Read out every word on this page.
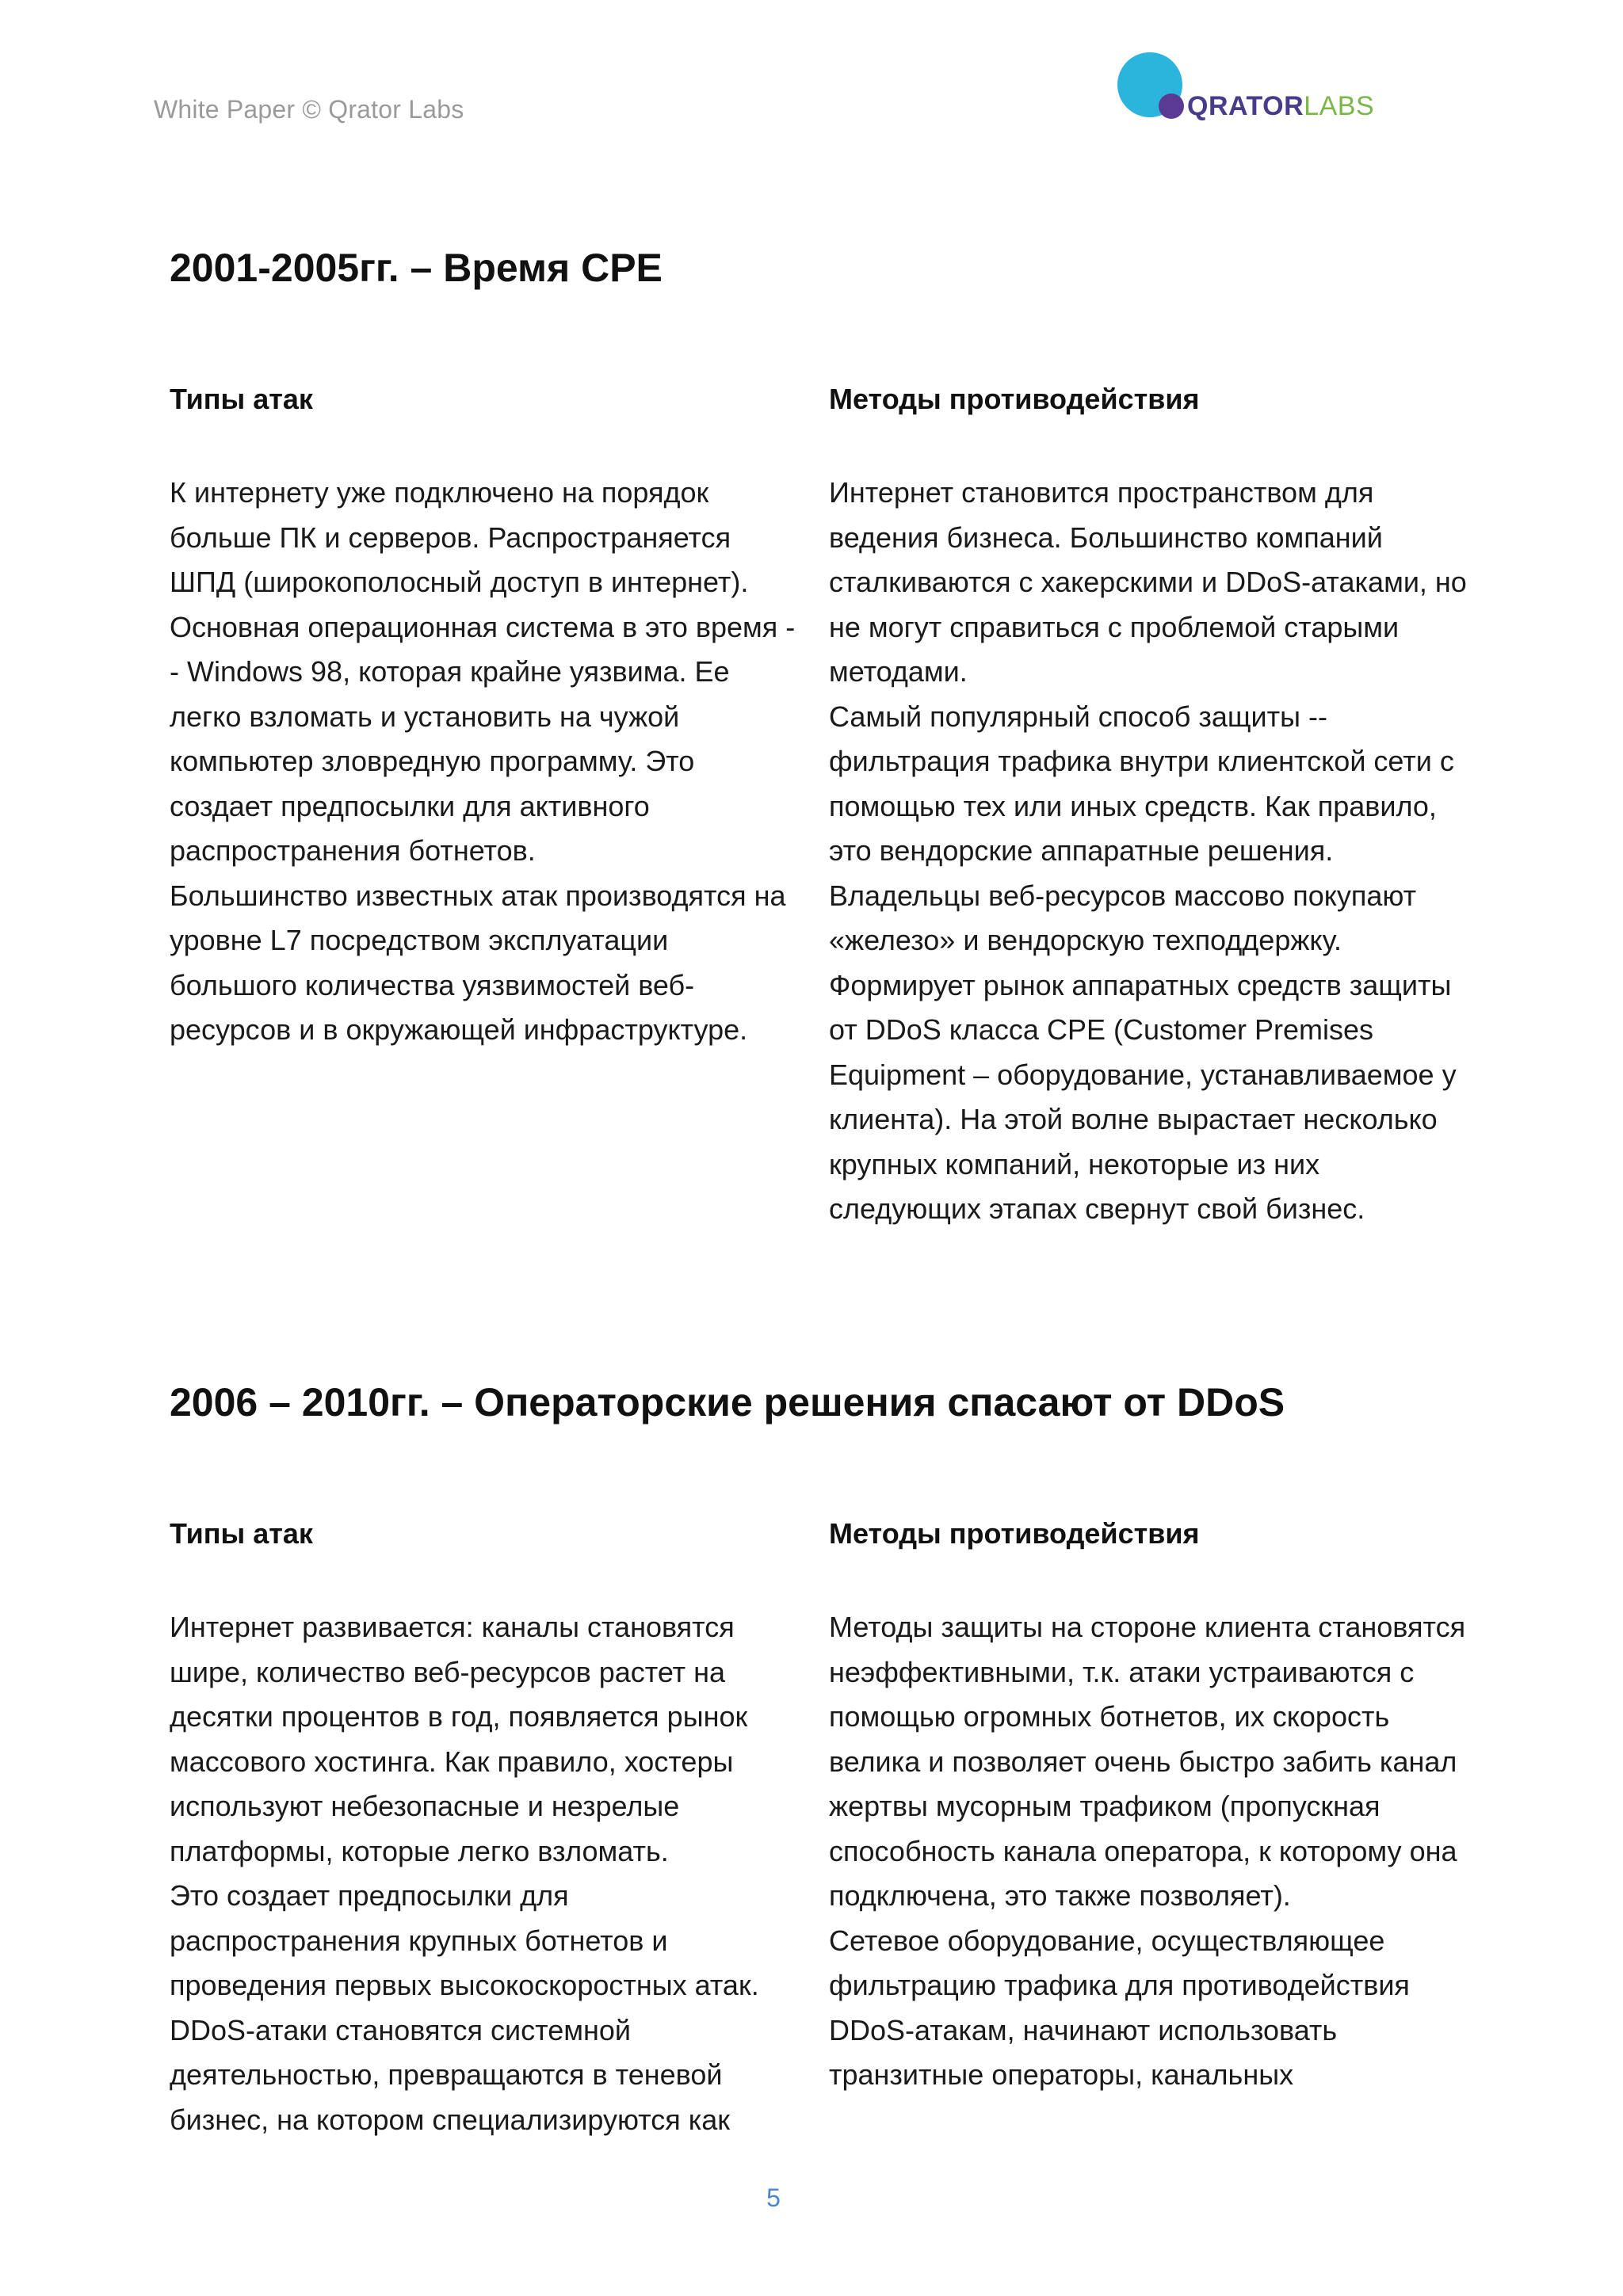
White Paper © Qrator Labs	QRATORLABS
2001-2005гг. – Время CPE
Типы атак

К интернету уже подключено на порядок больше ПК и серверов. Распространяется ШПД (широкополосный доступ в интернет). Основная операционная система в это время -- Windows 98, которая крайне уязвима. Ее легко взломать и установить на чужой компьютер зловредную программу. Это создает предпосылки для активного распространения ботнетов.

Большинство известных атак производятся на уровне L7 посредством эксплуатации большого количества уязвимостей веб-ресурсов и в окружающей инфраструктуре.

Методы противодействия

Интернет становится пространством для ведения бизнеса. Большинство компаний сталкиваются с хакерскими и DDoS-атаками, но не могут справиться с проблемой старыми методами.

Самый популярный способ защиты -- фильтрация трафика внутри клиентской сети с помощью тех или иных средств. Как правило, это вендорские аппаратные решения.

Владельцы веб-ресурсов массово покупают «железо» и вендорскую техподдержку. Формирует рынок аппаратных средств защиты от DDoS класса CPE (Customer Premises Equipment – оборудование, устанавливаемое у клиента). На этой волне вырастает несколько крупных компаний, некоторые из них следующих этапах свернут свой бизнес.

2006 – 2010гг. – Операторские решения спасают от DDoS
Типы атак

Интернет развивается: каналы становятся шире, количество веб-ресурсов растет на десятки процентов в год, появляется рынок массового хостинга. Как правило, хостеры используют небезопасные и незрелые платформы, которые легко взломать.

Это создает предпосылки для распространения крупных ботнетов и проведения первых высокоскоростных атак. DDoS-атаки становятся системной деятельностью, превращаются в теневой бизнес, на котором специализируются как

Методы противодействия

Методы защиты на стороне клиента становятся неэффективными, т.к. атаки устраиваются с помощью огромных ботнетов, их скорость велика и позволяет очень быстро забить канал жертвы мусорным трафиком (пропускная способность канала оператора, к которому она подключена, это также позволяет).

Сетевое оборудование, осуществляющее фильтрацию трафика для противодействия DDoS-атакам, начинают использовать транзитные операторы, канальных

5
